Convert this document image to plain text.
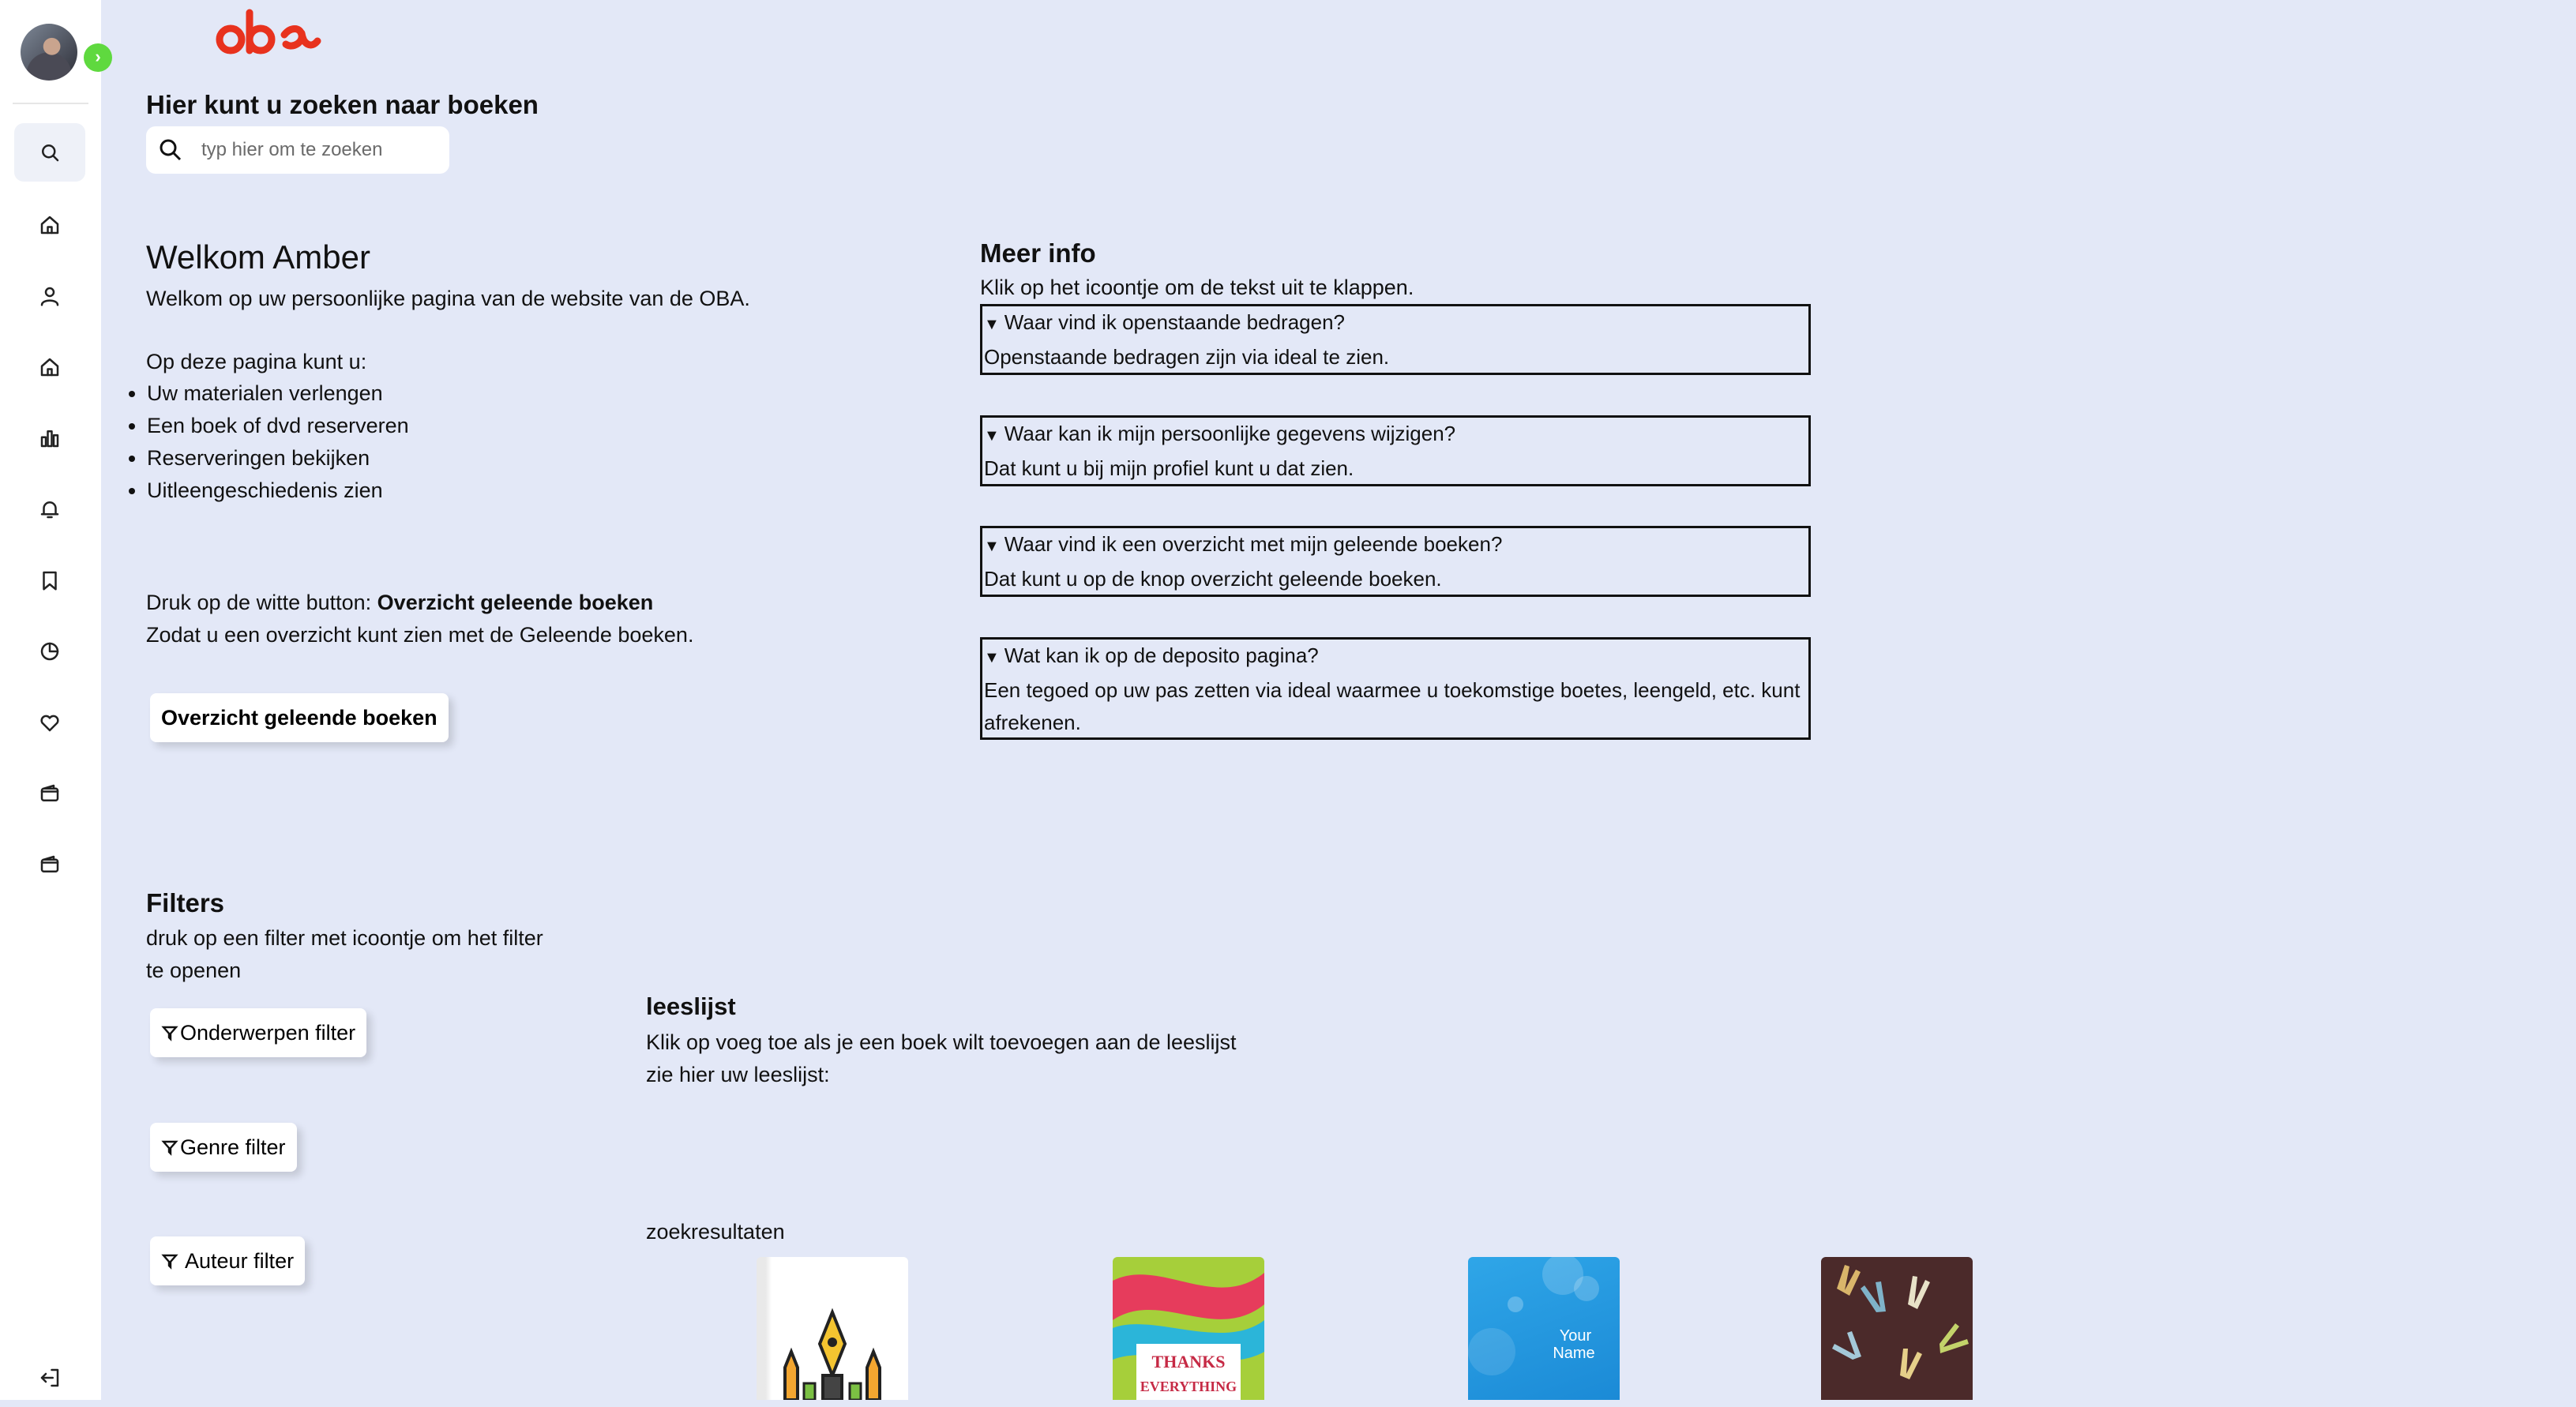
›
Hier kunt u zoeken naar boeken
typ hier om te zoeken
Welkom Amber
Welkom op uw persoonlijke pagina van de website van de OBA.
Op deze pagina kunt u:
• Uw materialen verlengen
• Een boek of dvd reserveren
• Reserveringen bekijken
• Uitleengeschiedenis zien
Druk op de witte button: Overzicht geleende boeken
Zodat u een overzicht kunt zien met de Geleende boeken.
Overzicht geleende boeken
Meer info
Klik op het icoontje om de tekst uit te klappen.
▼ Waar vind ik openstaande bedragen?
Openstaande bedragen zijn via ideal te zien.
▼ Waar kan ik mijn persoonlijke gegevens wijzigen?
Dat kunt u bij mijn profiel kunt u dat zien.
▼ Waar vind ik een overzicht met mijn geleende boeken?
Dat kunt u op de knop overzicht geleende boeken.
▼ Wat kan ik op de deposito pagina?
Een tegoed op uw pas zetten via ideal waarmee u toekomstige boetes, leengeld, etc. kunt afrekenen.
Filters
druk op een filter met icoontje om het filter
te openen
Onderwerpen filter
Genre filter
Auteur filter
leeslijst
Klik op voeg toe als je een boek wilt toevoegen aan de leeslijst
zie hier uw leeslijst:
zoekresultaten
THANKS
EVERYTHING
Your
Name
